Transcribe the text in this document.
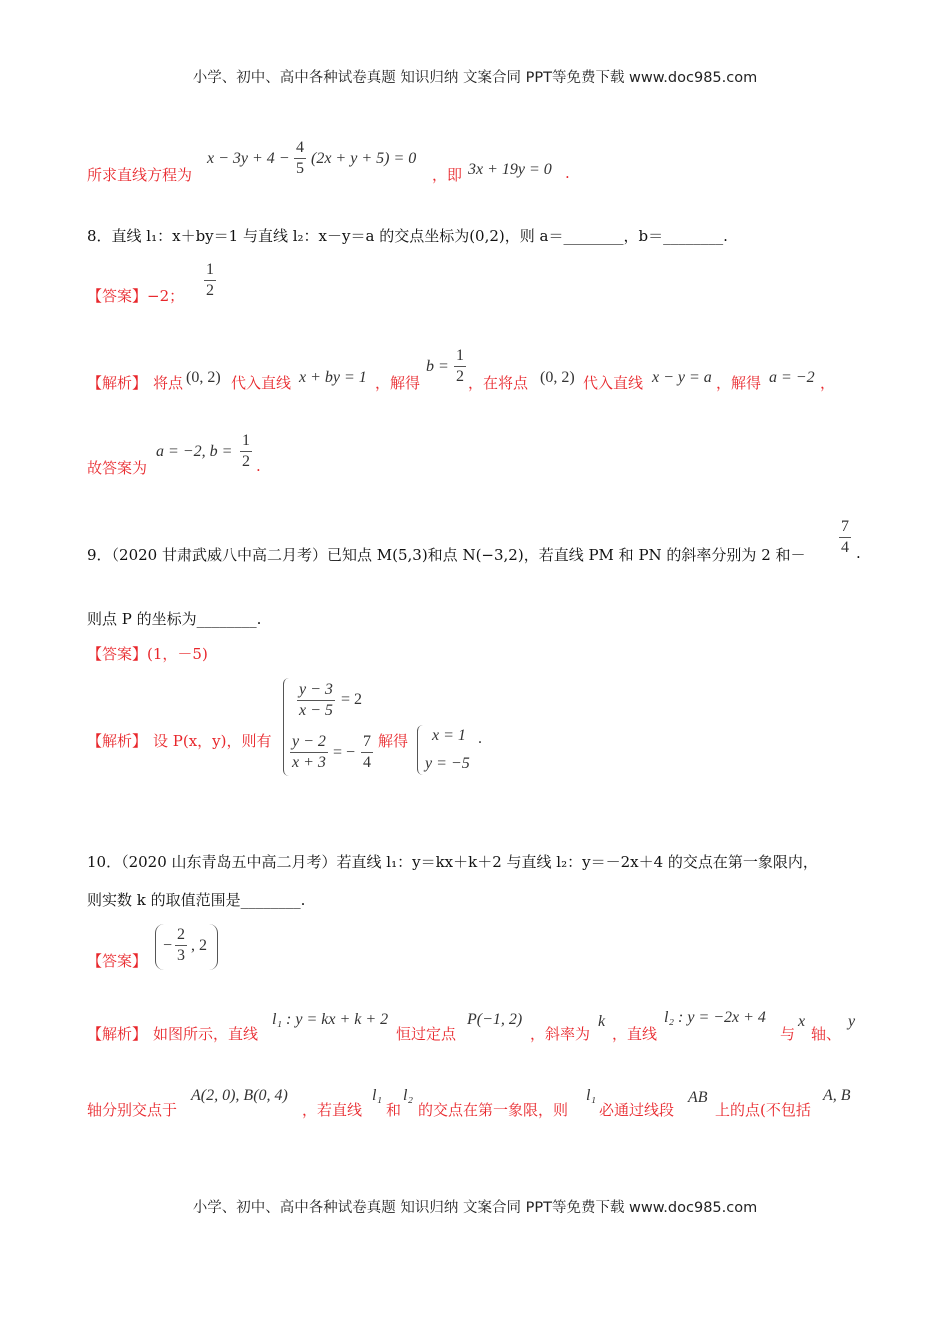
小学、初中、高中各种试卷真题 知识归纳 文案合同 PPT等免费下载 www.doc985.com
所求直线方程为
$x - 3y + 4 - \frac{4}{5} (2x + y + 5) = 0$
，即 3x + 19y = 0 .
8．直线 l₁：x＋by＝1 与直线 l₂：x－y＝a 的交点坐标为(0,2)，则 a＝________，b＝________.
【答案】−2； $\frac{1}{2}$
【解析】 将点 (0, 2) 代入直线 x + by = 1 ，解得
$b = \frac{1}{2}$ ，在将点 (0, 2) 代入直线 x − y = a ，解得 a = −2 ，
故答案为
a = −2, $b = \frac{1}{2}$ .
9．（2020 甘肃武威八中高二月考）已知点 M(5,3)和点 N(−3,2)，若直线 PM 和 PN 的斜率分别为 2 和－ $\frac{7}{4}$ .
则点 P 的坐标为________.
【答案】(1，－5)
【解析】 设 P(x，y)，则有
$\frac{y - 3}{x - 5} = 2$
$\frac{y - 2}{x + 3}$ = − $\frac{7}{4}$ 解得 x = 1
y = −5
.
10．（2020 山东青岛五中高二月考）若直线 l₁：y＝kx＋k＋2 与直线 l₂：y＝－2x＋4 的交点在第一象限内，
则实数 k 的取值范围是________.
【答案】
− $\frac{2}{3}$ , 2
【解析】 如图所示，直线
l₁ : y = kx + k + 2
恒过定点
P(−1, 2)
，斜率为
k
，直线
l₂ : y = −2x + 4
与
x
轴、
y
轴分别交点于
A(2, 0), B(0, 4)
，若直线
l₁
和
l₂
的交点在第一象限，则
l₁
必通过线段
AB
上的点(不包括
A, B
小学、初中、高中各种试卷真题 知识归纳 文案合同 PPT等免费下载 www.doc985.com
